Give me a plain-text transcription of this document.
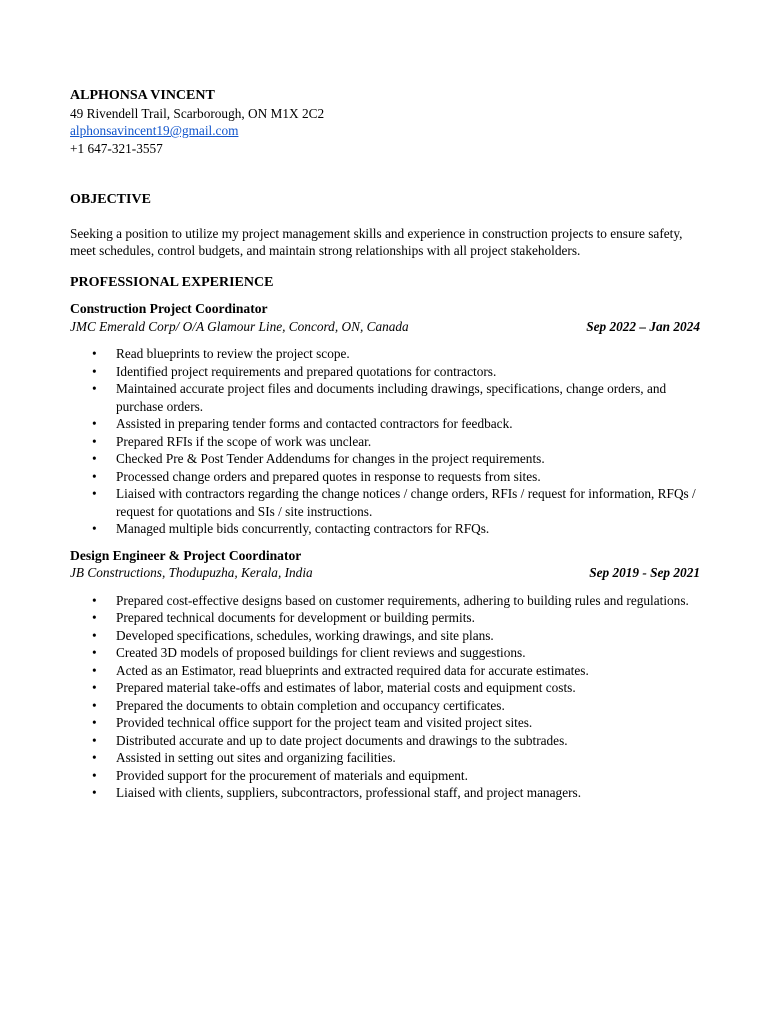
ALPHONSA VINCENT
49 Rivendell Trail, Scarborough, ON M1X 2C2
alphonsavincent19@gmail.com
+1 647-321-3557
OBJECTIVE
Seeking a position to utilize my project management skills and experience in construction projects to ensure safety, meet schedules, control budgets, and maintain strong relationships with all project stakeholders.
PROFESSIONAL EXPERIENCE
Construction Project Coordinator
JMC Emerald Corp/ O/A Glamour Line, Concord, ON, Canada	Sep 2022 – Jan 2024
• Read blueprints to review the project scope.
• Identified project requirements and prepared quotations for contractors.
• Maintained accurate project files and documents including drawings, specifications, change orders, and purchase orders.
• Assisted in preparing tender forms and contacted contractors for feedback.
• Prepared RFIs if the scope of work was unclear.
• Checked Pre & Post Tender Addendums for changes in the project requirements.
• Processed change orders and prepared quotes in response to requests from sites.
• Liaised with contractors regarding the change notices / change orders, RFIs / request for information, RFQs / request for quotations and SIs / site instructions.
• Managed multiple bids concurrently, contacting contractors for RFQs.
Design Engineer & Project Coordinator
JB Constructions, Thodupuzha, Kerala, India	Sep 2019 - Sep 2021
• Prepared cost-effective designs based on customer requirements, adhering to building rules and regulations.
• Prepared technical documents for development or building permits.
• Developed specifications, schedules, working drawings, and site plans.
• Created 3D models of proposed buildings for client reviews and suggestions.
• Acted as an Estimator, read blueprints and extracted required data for accurate estimates.
• Prepared material take-offs and estimates of labor, material costs and equipment costs.
• Prepared the documents to obtain completion and occupancy certificates.
• Provided technical office support for the project team and visited project sites.
• Distributed accurate and up to date project documents and drawings to the subtrades.
• Assisted in setting out sites and organizing facilities.
• Provided support for the procurement of materials and equipment.
• Liaised with clients, suppliers, subcontractors, professional staff, and project managers.
